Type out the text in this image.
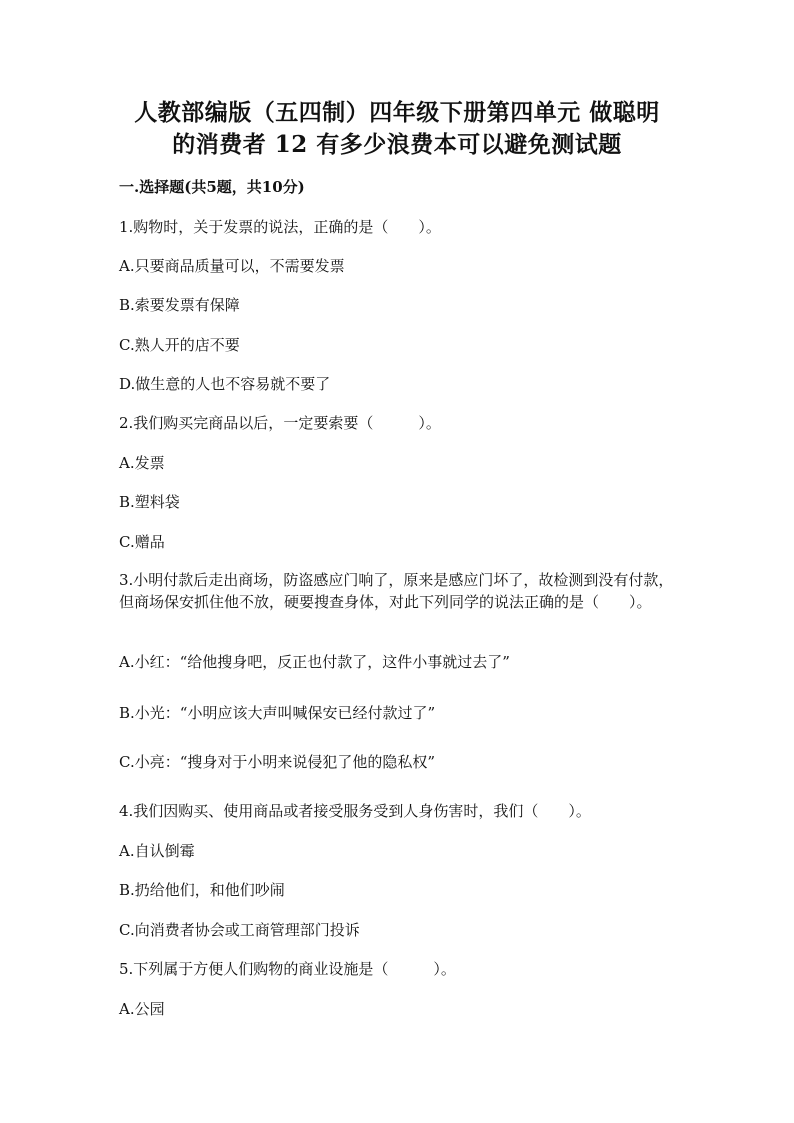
人教部编版（五四制）四年级下册第四单元 做聪明
的消费者 12 有多少浪费本可以避免测试题
一.选择题(共5题，共10分)
1.购物时，关于发票的说法，正确的是（　　）。
A.只要商品质量可以，不需要发票
B.索要发票有保障
C.熟人开的店不要
D.做生意的人也不容易就不要了
2.我们购买完商品以后，一定要索要（　　　）。
A.发票
B.塑料袋
C.赠品
3.小明付款后走出商场，防盗感应门响了，原来是感应门坏了，故检测到没有付款，但商场保安抓住他不放，硬要搜查身体，对此下列同学的说法正确的是（　　）。
A.小红：“给他搜身吧，反正也付款了，这件小事就过去了”
B.小光：“小明应该大声叫喊保安已经付款过了”
C.小亮：“搜身对于小明来说侵犯了他的隐私权”
4.我们因购买、使用商品或者接受服务受到人身伤害时，我们（　　）。
A.自认倒霉
B.扔给他们，和他们吵闹
C.向消费者协会或工商管理部门投诉
5.下列属于方便人们购物的商业设施是（　　　）。
A.公园
